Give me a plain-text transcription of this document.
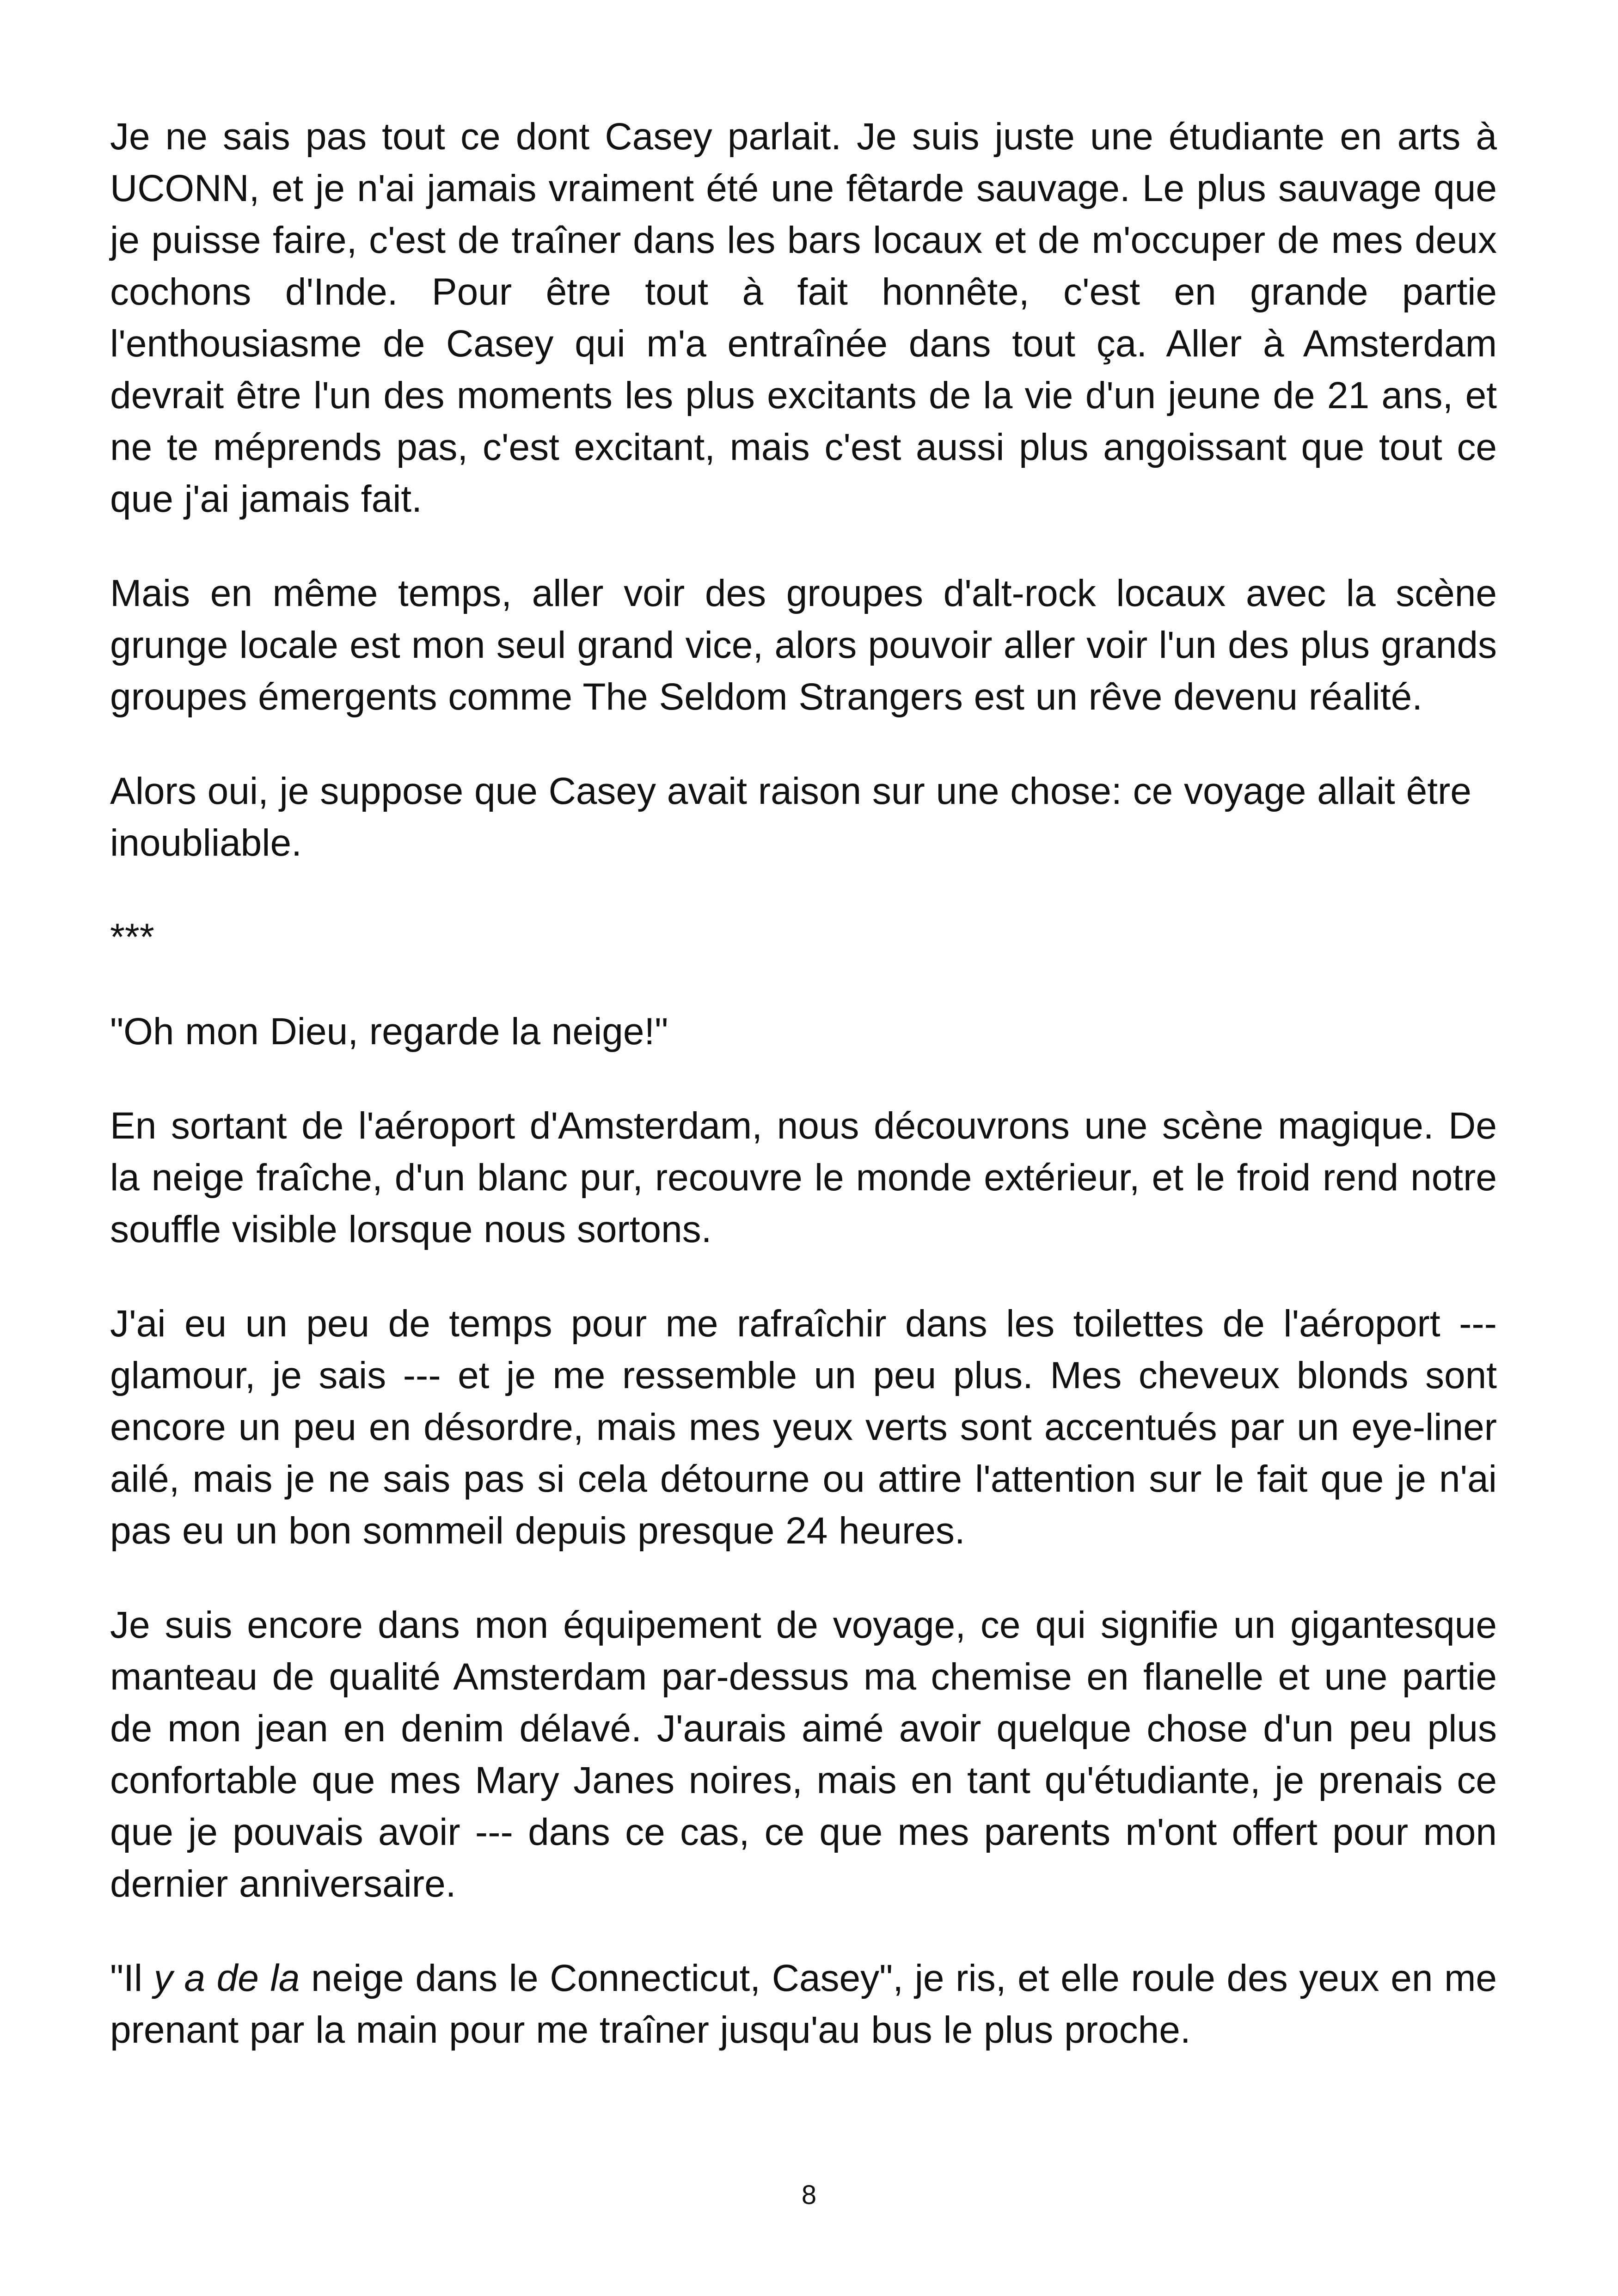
Je ne sais pas tout ce dont Casey parlait. Je suis juste une étudiante en arts à UCONN, et je n'ai jamais vraiment été une fêtarde sauvage. Le plus sauvage que je puisse faire, c'est de traîner dans les bars locaux et de m'occuper de mes deux cochons d'Inde. Pour être tout à fait honnête, c'est en grande partie l'enthousiasme de Casey qui m'a entraînée dans tout ça. Aller à Amsterdam devrait être l'un des moments les plus excitants de la vie d'un jeune de 21 ans, et ne te méprends pas, c'est excitant, mais c'est aussi plus angoissant que tout ce que j'ai jamais fait.

Mais en même temps, aller voir des groupes d'alt-rock locaux avec la scène grunge locale est mon seul grand vice, alors pouvoir aller voir l'un des plus grands groupes émergents comme The Seldom Strangers est un rêve devenu réalité.

Alors oui, je suppose que Casey avait raison sur une chose: ce voyage allait être inoubliable.

***

"Oh mon Dieu, regarde la neige!"

En sortant de l'aéroport d'Amsterdam, nous découvrons une scène magique. De la neige fraîche, d'un blanc pur, recouvre le monde extérieur, et le froid rend notre souffle visible lorsque nous sortons.

J'ai eu un peu de temps pour me rafraîchir dans les toilettes de l'aéroport --- glamour, je sais --- et je me ressemble un peu plus. Mes cheveux blonds sont encore un peu en désordre, mais mes yeux verts sont accentués par un eye-liner ailé, mais je ne sais pas si cela détourne ou attire l'attention sur le fait que je n'ai pas eu un bon sommeil depuis presque 24 heures.

Je suis encore dans mon équipement de voyage, ce qui signifie un gigantesque manteau de qualité Amsterdam par-dessus ma chemise en flanelle et une partie de mon jean en denim délavé. J'aurais aimé avoir quelque chose d'un peu plus confortable que mes Mary Janes noires, mais en tant qu'étudiante, je prenais ce que je pouvais avoir --- dans ce cas, ce que mes parents m'ont offert pour mon dernier anniversaire.

"Il y a de la neige dans le Connecticut, Casey", je ris, et elle roule des yeux en me prenant par la main pour me traîner jusqu'au bus le plus proche.

8
